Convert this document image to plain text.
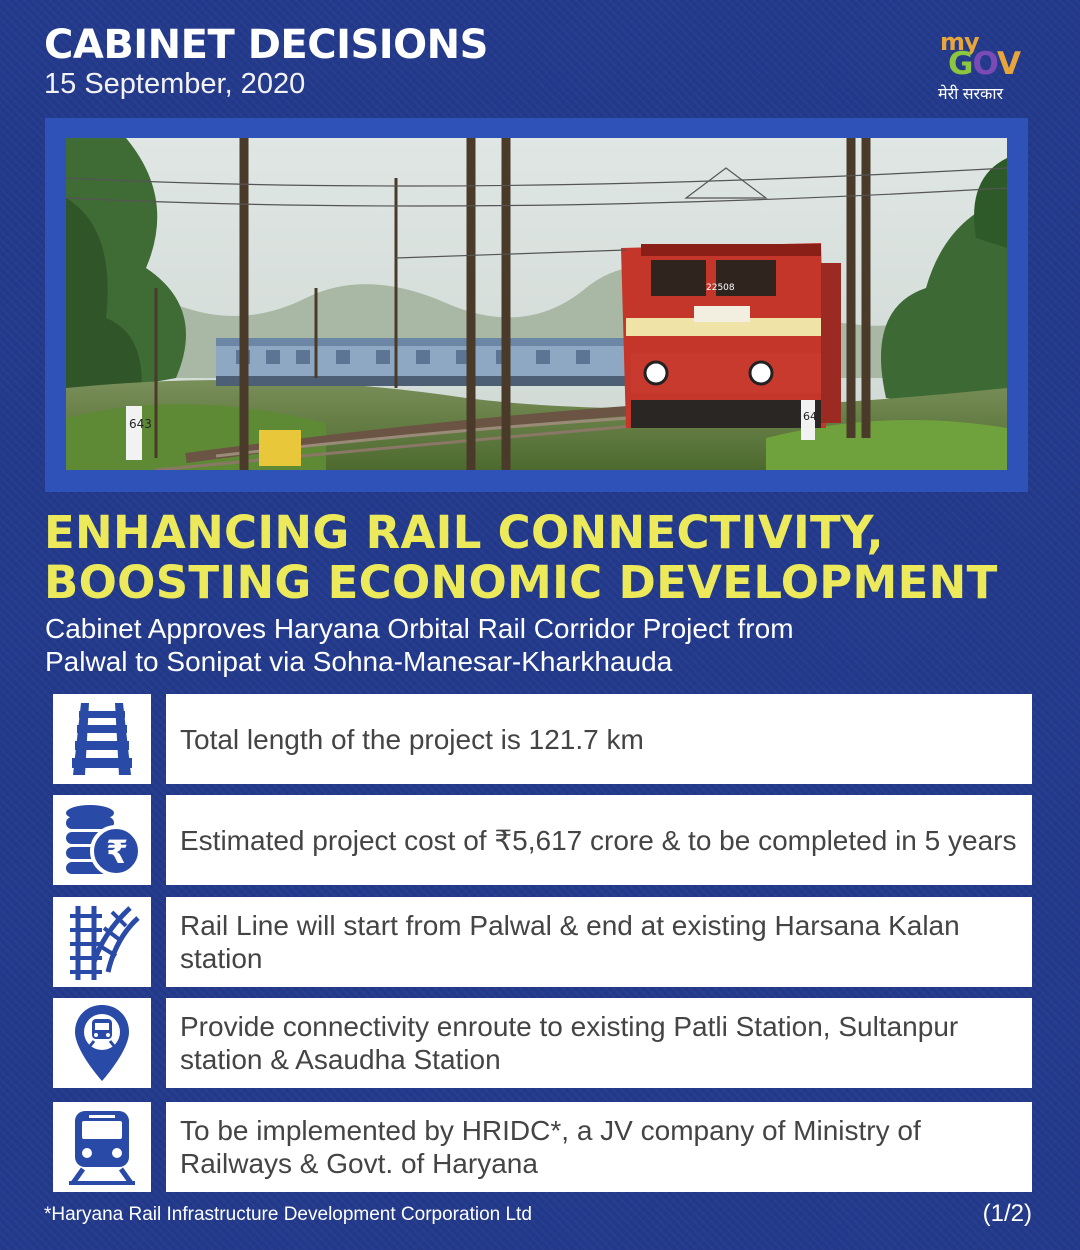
CABINET DECISIONS
15 September, 2020
my
GOV
मेरी सरकार
22508
643
64
ENHANCING RAIL CONNECTIVITY,
BOOSTING ECONOMIC DEVELOPMENT
Cabinet Approves Haryana Orbital Rail Corridor Project from
Palwal to Sonipat via Sohna-Manesar-Kharkhauda
Total length of the project is 121.7 km
₹	Estimated project cost of ₹5,617 crore & to be completed in 5 years
Rail Line will start from Palwal & end at existing Harsana Kalan station
Provide connectivity enroute to existing Patli Station, Sultanpur station & Asaudha Station
To be implemented by HRIDC*, a JV company of Ministry of Railways & Govt. of Haryana
*Haryana Rail Infrastructure Development Corporation Ltd	(1/2)
